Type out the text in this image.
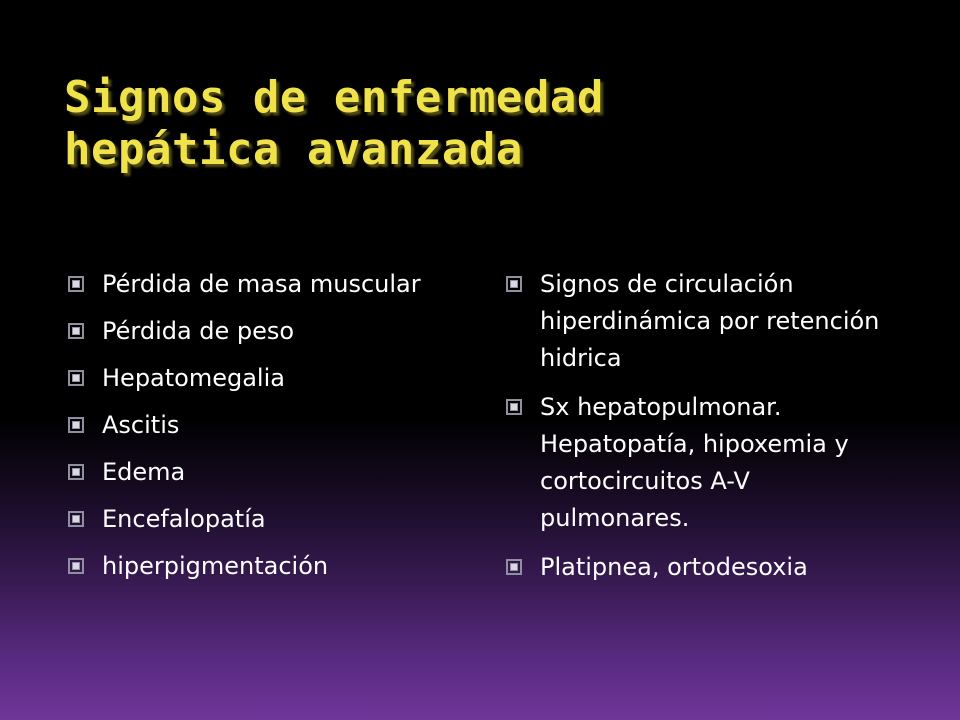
Signos de enfermedad
hepática avanzada
Pérdida de masa muscular
Pérdida de peso
Hepatomegalia
Ascitis
Edema
Encefalopatía
hiperpigmentación
Signos de circulación hiperdinámica por retención hidrica
Sx hepatopulmonar. Hepatopatía, hipoxemia y cortocircuitos A-V pulmonares.
Platipnea, ortodesoxia
